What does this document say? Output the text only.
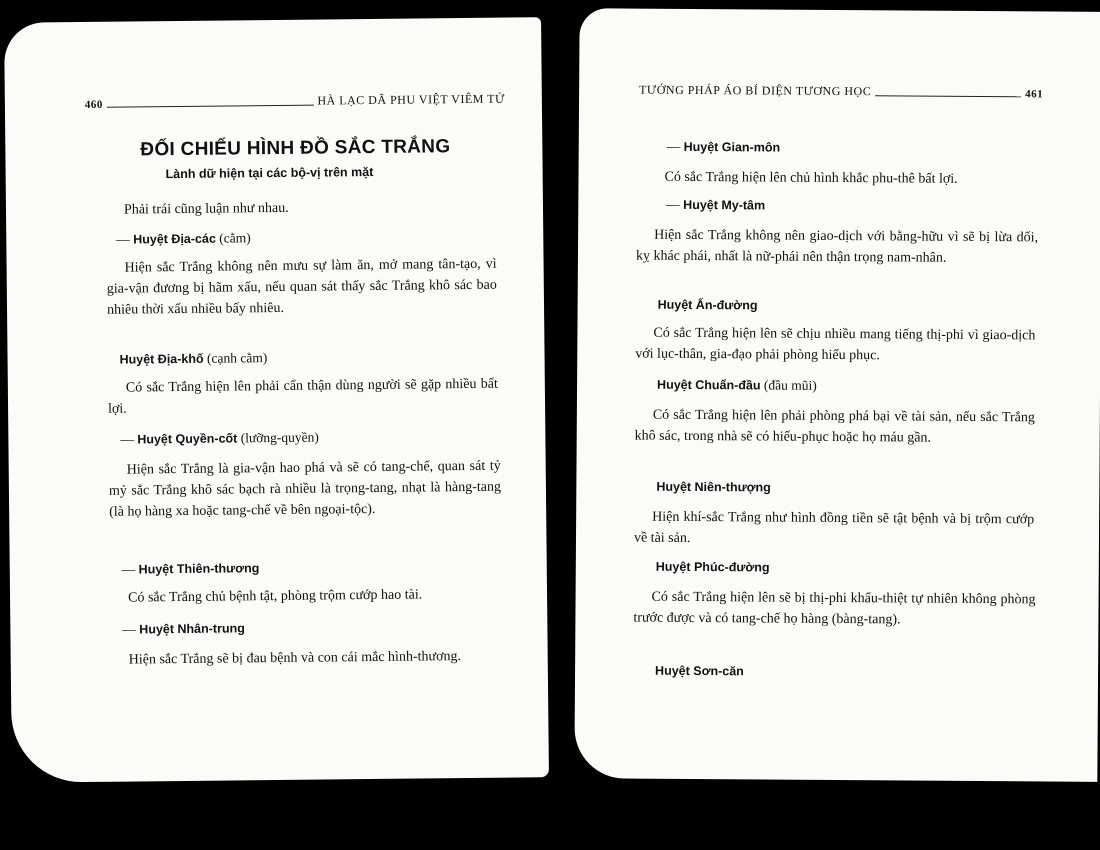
460	HÀ LẠC DÃ PHU VIỆT VIÊM TỬ
ĐỐI CHIẾU HÌNH ĐỒ SẮC TRẮNG
Lành dữ hiện tại các bộ-vị trên mặt

Phải trái cũng luận như nhau.

— Huyệt Địa-các (cằm)

Hiện sắc Trắng không nên mưu sự làm ăn, mở mang tân-tạo, vì gia-vận đương bị hãm xấu, nếu quan sát thấy sắc Trắng khô sác bao nhiêu thời xấu nhiều bấy nhiêu.

Huyệt Địa-khố (cạnh cằm)

Có sắc Trắng hiện lên phải cẩn thận dùng người sẽ gặp nhiều bất lợi.

— Huyệt Quyền-cốt (lưỡng-quyền)

Hiện sắc Trắng là gia-vận hao phá và sẽ có tang-chế, quan sát tỷ mỷ sắc Trắng khô sác bạch rà nhiều là trọng-tang, nhạt là hàng-tang (là họ hàng xa hoặc tang-chế về bên ngoại-tộc).

— Huyệt Thiên-thương

Có sắc Trắng chủ bệnh tật, phòng trộm cướp hao tài.

— Huyệt Nhân-trung

Hiện sắc Trắng sẽ bị đau bệnh và con cái mắc hình-thương.

TƯỚNG PHÁP ÁO BÍ DIỆN TƯƠNG HỌC	461
— Huyệt Gian-môn

Có sắc Trắng hiện lên chủ hình khắc phu-thê bất lợi.

— Huyệt My-tâm

Hiện sắc Trắng không nên giao-dịch với bằng-hữu vì sẽ bị lừa dối, kỵ khác phái, nhất là nữ-phái nên thận trọng nam-nhân.

Huyệt Ấn-đường

Có sắc Trắng hiện lên sẽ chịu nhiều mang tiếng thị-phi vì giao-dịch với lục-thân, gia-đạo phải phòng hiếu phục.

Huyệt Chuẩn-đầu (đầu mũi)

Có sắc Trắng hiện lên phải phòng phá bại về tài sản, nếu sắc Trắng khô sác, trong nhà sẽ có hiếu-phục hoặc họ máu gần.

Huyệt Niên-thượng

Hiện khí-sắc Trắng như hình đồng tiền sẽ tật bệnh và bị trộm cướp về tài sản.

Huyệt Phúc-đường

Có sắc Trắng hiện lên sẽ bị thị-phi khẩu-thiệt tự nhiên không phòng trước được và có tang-chế họ hàng (bàng-tang).

Huyệt Sơn-căn
